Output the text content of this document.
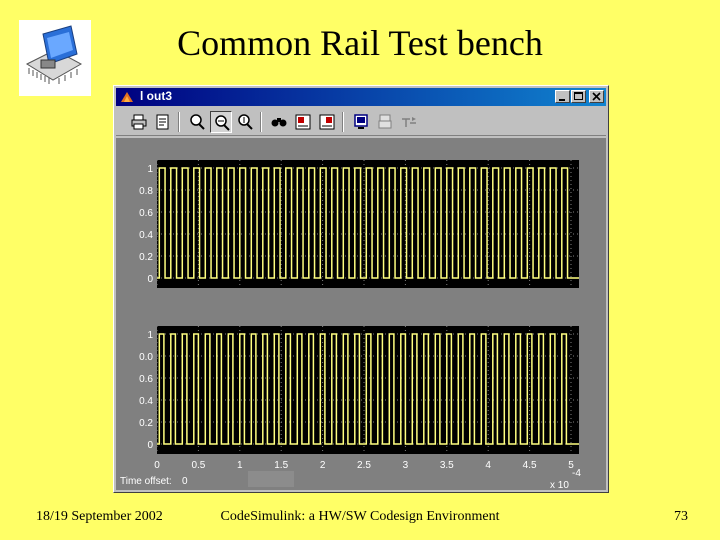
Common Rail Test bench
l out3
0
0.2
0.4
0.6
0.8
1
0
0.2
0.4
0.6
0.0
1
0	0.5	1	1.5	2	2.5	3	3.5	4	4.5	5
Time offset: 0	x 10
-4
18/19 September 2002	CodeSimulink: a HW/SW Codesign Environment	73
